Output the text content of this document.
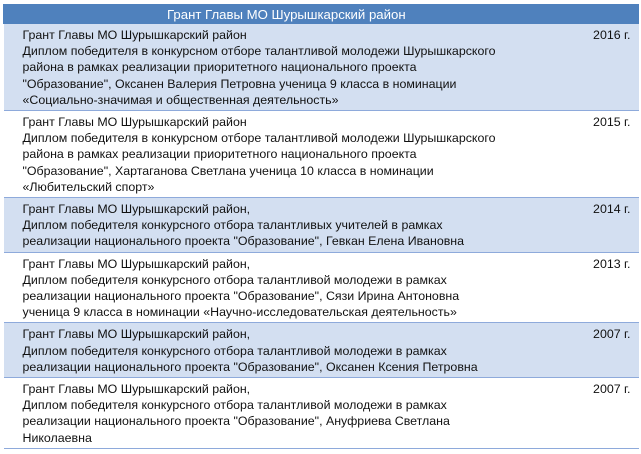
Грант Главы МО Шурышкарский район	

Грант Главы МО Шурышкарский район
Диплом победителя в конкурсном отборе талантливой молодежи Шурышкарского
района в рамках реализации приоритетного национального проекта
"Образование", Оксанен Валерия Петровна ученица 9 класса в номинации
«Социально-значимая и общественная деятельность»	2016 г.

Грант Главы МО Шурышкарский район
Диплом победителя в конкурсном отборе талантливой молодежи Шурышкарского
района в рамках реализации приоритетного национального проекта
"Образование", Хартаганова Светлана ученица 10 класса в номинации
«Любительский спорт»	2015 г.

Грант Главы МО Шурышкарский район,
Диплом победителя конкурсного отбора талантливых учителей в рамках
реализации национального проекта "Образование", Гевкан Елена Ивановна	2014 г.

Грант Главы МО Шурышкарский район,
Диплом победителя конкурсного отбора талантливой молодежи в рамках
реализации национального проекта "Образование", Сязи Ирина Антоновна
ученица 9 класса в номинации «Научно-исследовательская деятельность»	2013 г.

Грант Главы МО Шурышкарский район,
Диплом победителя конкурсного отбора талантливой молодежи в рамках
реализации национального проекта "Образование", Оксанен Ксения Петровна	2007 г.

Грант Главы МО Шурышкарский район,
Диплом победителя конкурсного отбора талантливой молодежи в рамках
реализации национального проекта "Образование", Ануфриева Светлана
Николаевна	2007 г.
